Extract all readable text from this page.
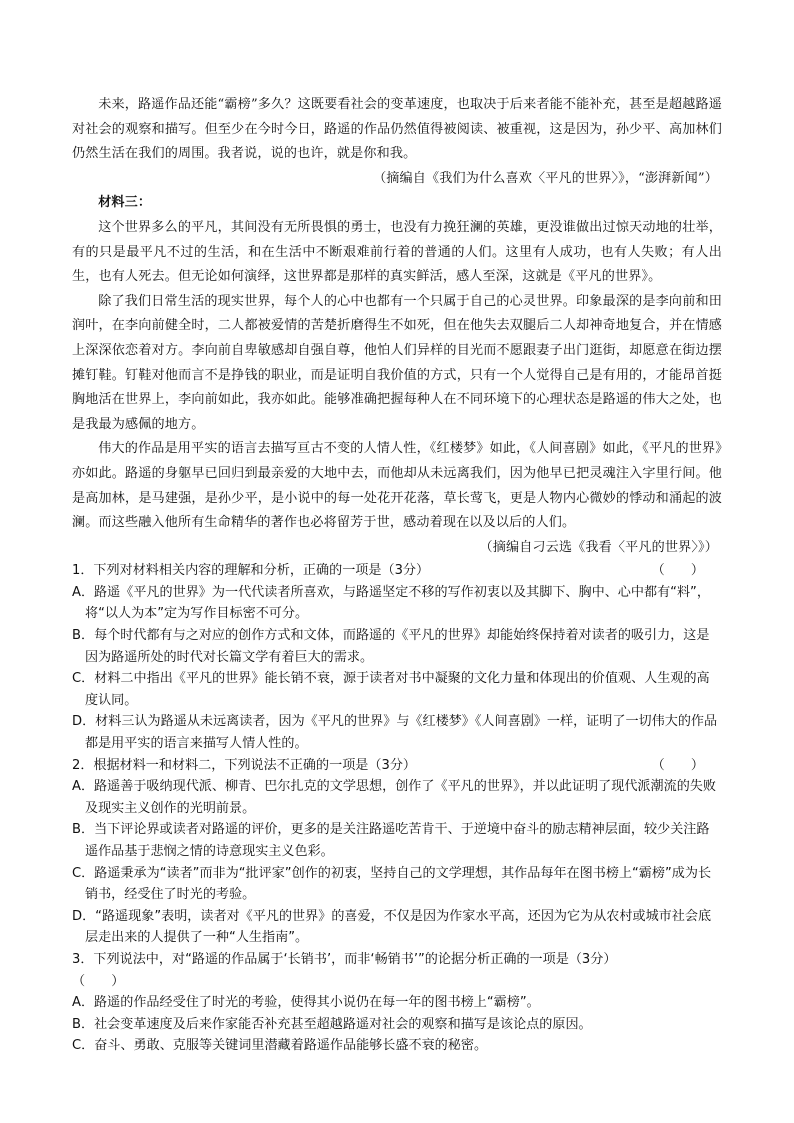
未来，路遥作品还能“霸榜”多久？这既要看社会的变革速度，也取决于后来者能不能补充，甚至是超越路遥对社会的观察和描写。但至少在今时今日，路遥的作品仍然值得被阅读、被重视，这是因为，孙少平、高加林们仍然生活在我们的周围。我者说，说的也许，就是你和我。

（摘编自《我们为什么喜欢〈平凡的世界〉》，“澎湃新闻”）

材料三：

这个世界多么的平凡，其间没有无所畏惧的勇士，也没有力挽狂澜的英雄，更没谁做出过惊天动地的壮举，有的只是最平凡不过的生活，和在生活中不断艰难前行着的普通的人们。这里有人成功，也有人失败；有人出生，也有人死去。但无论如何演绎，这世界都是那样的真实鲜活，感人至深，这就是《平凡的世界》。

除了我们日常生活的现实世界，每个人的心中也都有一个只属于自己的心灵世界。印象最深的是李向前和田润叶，在李向前健全时，二人都被爱情的苦楚折磨得生不如死，但在他失去双腿后二人却神奇地复合，并在情感上深深依恋着对方。李向前自卑敏感却自强自尊，他怕人们异样的目光而不愿跟妻子出门逛街，却愿意在街边摆摊钉鞋。钉鞋对他而言不是挣钱的职业，而是证明自我价值的方式，只有一个人觉得自己是有用的，才能昂首挺胸地活在世界上，李向前如此，我亦如此。能够准确把握每种人在不同环境下的心理状态是路遥的伟大之处，也是我最为感佩的地方。

伟大的作品是用平实的语言去描写亘古不变的人情人性，《红楼梦》如此，《人间喜剧》如此，《平凡的世界》亦如此。路遥的身躯早已回归到最亲爱的大地中去，而他却从未远离我们，因为他早已把灵魂注入字里行间。他是高加林，是马建强，是孙少平，是小说中的每一处花开花落，草长莺飞，更是人物内心微妙的悸动和涌起的波澜。而这些融入他所有生命精华的著作也必将留芳于世，感动着现在以及以后的人们。

（摘编自刁云选《我看〈平凡的世界〉》）

1．下列对材料相关内容的理解和分析，正确的一项是（3分）	（　　）

A．路遥《平凡的世界》为一代代读者所喜欢，与路遥坚定不移的写作初衷以及其脚下、胸中、心中都有“料”，将“以人为本”定为写作目标密不可分。

B．每个时代都有与之对应的创作方式和文体，而路遥的《平凡的世界》却能始终保持着对读者的吸引力，这是因为路遥所处的时代对长篇文学有着巨大的需求。

C．材料二中指出《平凡的世界》能长销不衰，源于读者对书中凝聚的文化力量和体现出的价值观、人生观的高度认同。

D．材料三认为路遥从未远离读者，因为《平凡的世界》与《红楼梦》《人间喜剧》一样，证明了一切伟大的作品都是用平实的语言来描写人情人性的。

2．根据材料一和材料二，下列说法不正确的一项是（3分）	（　　）

A．路遥善于吸纳现代派、柳青、巴尔扎克的文学思想，创作了《平凡的世界》，并以此证明了现代派潮流的失败及现实主义创作的光明前景。

B．当下评论界或读者对路遥的评价，更多的是关注路遥吃苦肯干、于逆境中奋斗的励志精神层面，较少关注路遥作品基于悲悯之情的诗意现实主义色彩。

C．路遥秉承为“读者”而非为“批评家”创作的初衷，坚持自己的文学理想，其作品每年在图书榜上“霸榜”成为长销书，经受住了时光的考验。

D．“路遥现象”表明，读者对《平凡的世界》的喜爱，不仅是因为作家水平高，还因为它为从农村或城市社会底层走出来的人提供了一种“人生指南”。

3．下列说法中，对“路遥的作品属于‘长销书’，而非‘畅销书’”的论据分析正确的一项是（3分）

（　　）

A．路遥的作品经受住了时光的考验，使得其小说仍在每一年的图书榜上“霸榜”。

B．社会变革速度及后来作家能否补充甚至超越路遥对社会的观察和描写是该论点的原因。

C．奋斗、勇敢、克服等关键词里潜藏着路遥作品能够长盛不衰的秘密。
